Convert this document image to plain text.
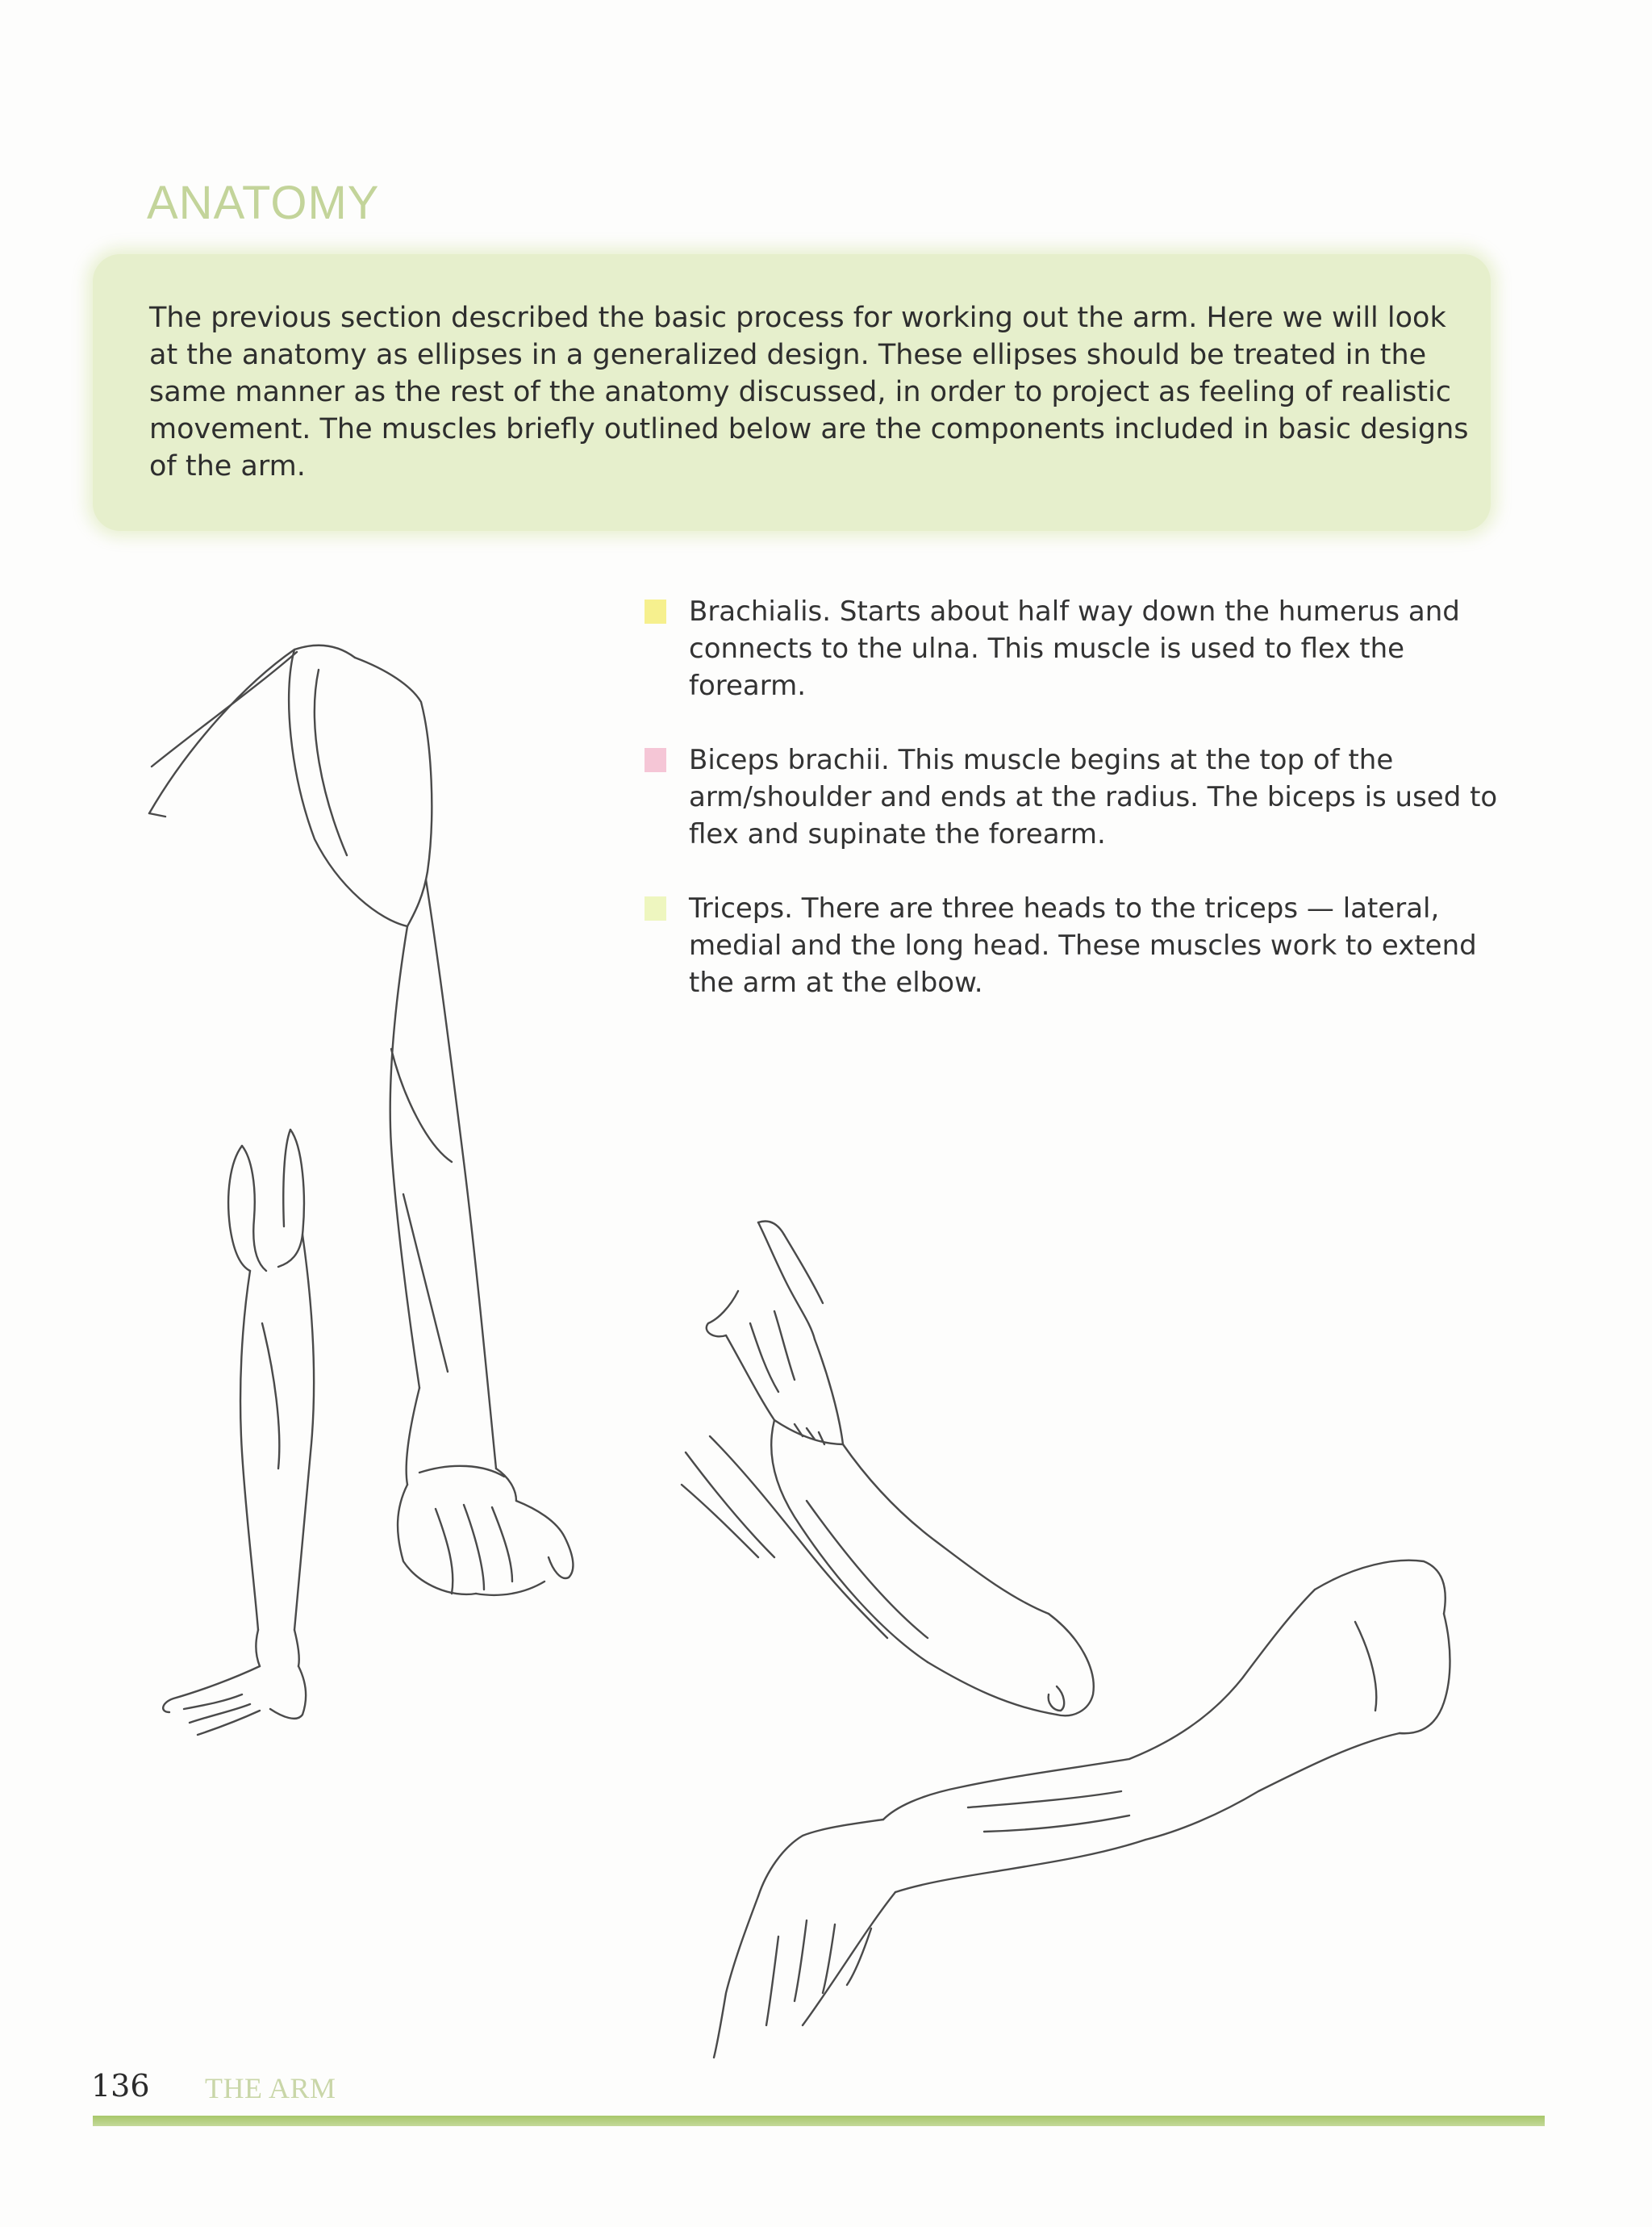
ANATOMY

The previous section described the basic process for working out the arm. Here we will look at the anatomy as ellipses in a generalized design. These ellipses should be treated in the same manner as the rest of the anatomy discussed, in order to project as feeling of realistic movement. The muscles briefly outlined below are the components included in basic designs of the arm.

Brachialis. Starts about half way down the humerus and connects to the ulna. This muscle is used to flex the forearm.
Biceps brachii. This muscle begins at the top of the arm/shoulder and ends at the radius. The biceps is used to flex and supinate the forearm.
Triceps. There are three heads to the triceps — lateral, medial and the long head. These muscles work to extend the arm at the elbow.
136 THE ARM
